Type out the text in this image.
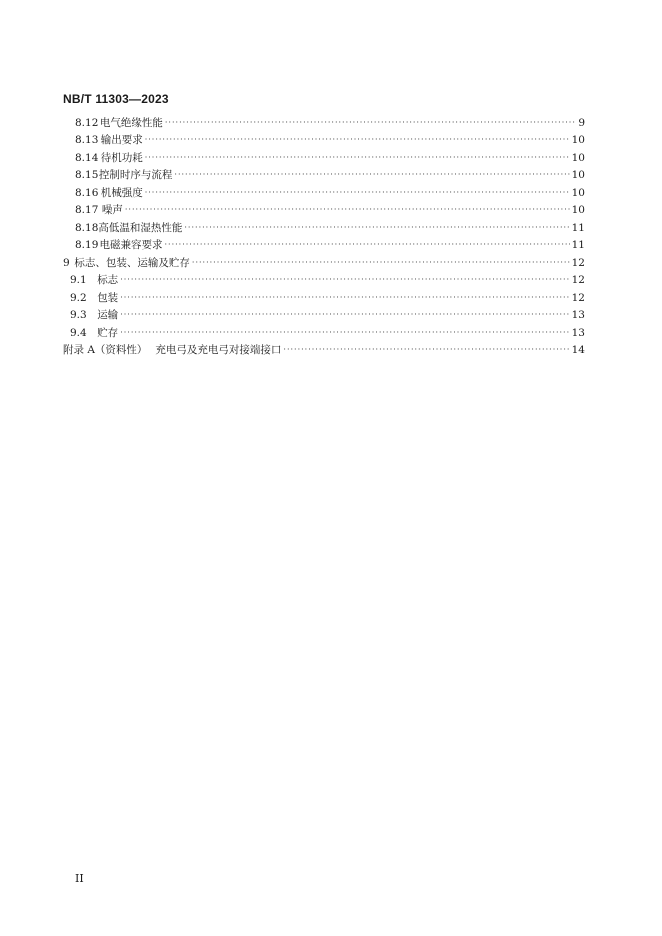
NB/T 11303—2023
8.12 电气绝缘性能 ·····	9
8.13 输出要求 ·····	10
8.14 待机功耗 ·····	10
8.15 控制时序与流程 ·····	10
8.16 机械强度 ·····	10
8.17 噪声 ·····	10
8.18 高低温和湿热性能 ·····	11
8.19 电磁兼容要求 ·····	11
9 标志、包装、运输及贮存 ·····	12
9.1 标志 ·····	12
9.2 包装 ·····	12
9.3 运输 ·····	13
9.4 贮存 ·····	13
附录 A（资料性） 充电弓及充电弓对接端接口 ·····	14
II
